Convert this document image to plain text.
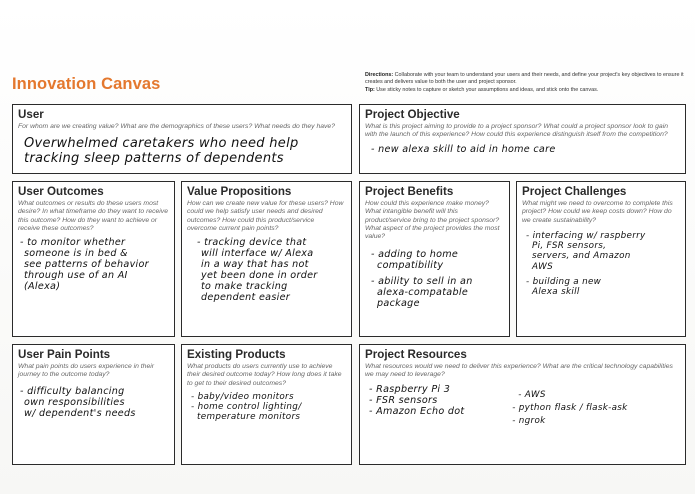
Innovation Canvas	Directions: Collaborate with your team to understand your users and their needs, and define your project's key objectives to ensure it creates and delivers value to both the user and project sponsor.
Tip: Use sticky notes to capture or sketch your assumptions and ideas, and stick onto the canvas.
User
For whom are we creating value? What are the demographics of these users? What needs do they have?
Overwhelmed caretakers who need help
tracking sleep patterns of dependents
Project Objective
What is this project aiming to provide to a project sponsor? What could a project sponsor look to gain with the launch of this experience? How could this experience distinguish itself from the competition?
- new alexa skill to aid in home care
User Outcomes
What outcomes or results do these users most desire? In what timeframe do they want to receive this outcome? How do they want to achieve or receive these outcomes?
- to monitor whether
someone is in bed &
see patterns of behavior
through use of an AI
(Alexa)
Value Propositions
How can we create new value for these users? How could we help satisfy user needs and desired outcomes? How could this product/service overcome current pain points?
- tracking device that
will interface w/ Alexa
in a way that has not
yet been done in order
to make tracking
dependent easier
Project Benefits
How could this experience make money? What intangible benefit will this product/service bring to the project sponsor? What aspect of the project provides the most value?
- adding to home
compatibility
- ability to sell in an
alexa-compatable
package
Project Challenges
What might we need to overcome to complete this project? How could we keep costs down? How do we create sustainability?
- interfacing w/ raspberry
Pi, FSR sensors,
servers, and Amazon
AWS
- building a new
Alexa skill
User Pain Points
What pain points do users experience in their journey to the outcome today?
- difficulty balancing
own responsibilities
w/ dependent's needs
Existing Products
What products do users currently use to achieve their desired outcome today? How long does it take to get to their desired outcomes?
- baby/video monitors
- home control lighting/
temperature monitors
Project Resources
What resources would we need to deliver this experience? What are the critical technology capabilities we may need to leverage?
- Raspberry Pi 3
- FSR sensors
- Amazon Echo dot
- AWS
- python flask / flask-ask
- ngrok
